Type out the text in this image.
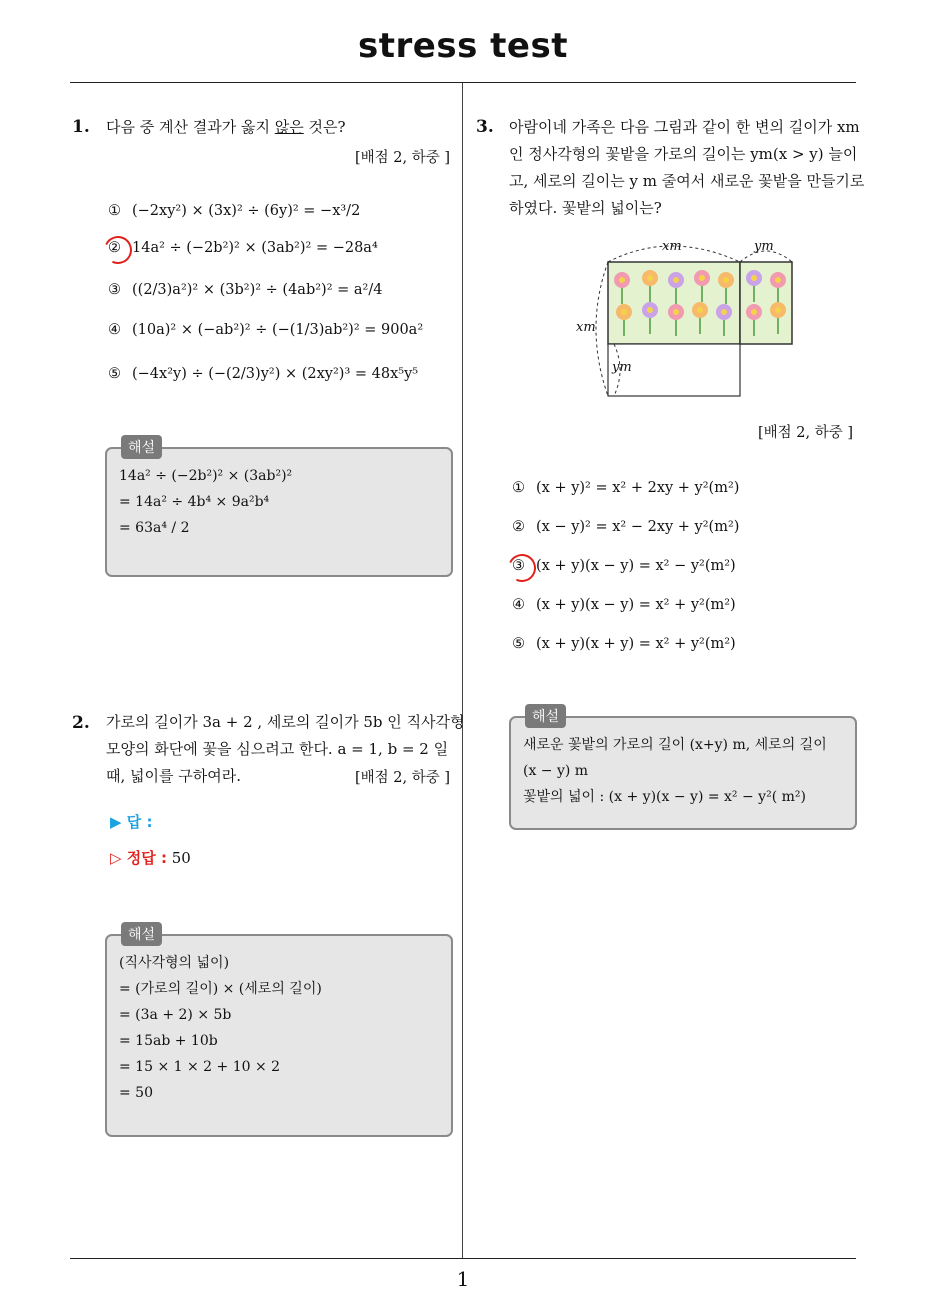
stress test
1
1. 다음 중 계산 결과가 옳지 않은 것은?
[배점 2, 하중 ]
① (−2xy²) × (3x)² ÷ (6y)² = −x³/2
② 14a² ÷ (−2b²)² × (3ab²)² = −28a⁴
③ ((2/3)a²)² × (3b²)² ÷ (4ab²)² = a²/4
④ (10a)² × (−ab²)² ÷ (−(1/3)ab²)² = 900a²
⑤ (−4x²y) ÷ (−(2/3)y²) × (2xy²)³ = 48x⁵y⁵
해설
14a² ÷ (−2b²)² × (3ab²)²
= 14a² ÷ 4b⁴ × 9a²b⁴
= 63a⁴ / 2
2. 가로의 길이가 3a + 2 , 세로의 길이가 5b 인 직사각형
모양의 화단에 꽃을 심으려고 한다. a = 1, b = 2 일
때, 넓이를 구하여라.	[배점 2, 하중 ]
▶ 답 :
▷ 정답 : 50
해설
(직사각형의 넓이)
= (가로의 길이) × (세로의 길이)
= (3a + 2) × 5b
= 15ab + 10b
= 15 × 1 × 2 + 10 × 2
= 50
3. 아람이네 가족은 다음 그림과 같이 한 변의 길이가 xm
인 정사각형의 꽃밭을 가로의 길이는 ym(x > y) 늘이
고, 세로의 길이는 y m 줄여서 새로운 꽃밭을 만들기로
하였다. 꽃밭의 넓이는?
xm	ym
xm
ym
[배점 2, 하중 ]
① (x + y)² = x² + 2xy + y²(m²)
② (x − y)² = x² − 2xy + y²(m²)
③ (x + y)(x − y) = x² − y²(m²)
④ (x + y)(x − y) = x² + y²(m²)
⑤ (x + y)(x + y) = x² + y²(m²)
해설
새로운 꽃밭의 가로의 길이 (x+y) m, 세로의 길이
(x − y) m
꽃밭의 넓이 : (x + y)(x − y) = x² − y²( m²)
